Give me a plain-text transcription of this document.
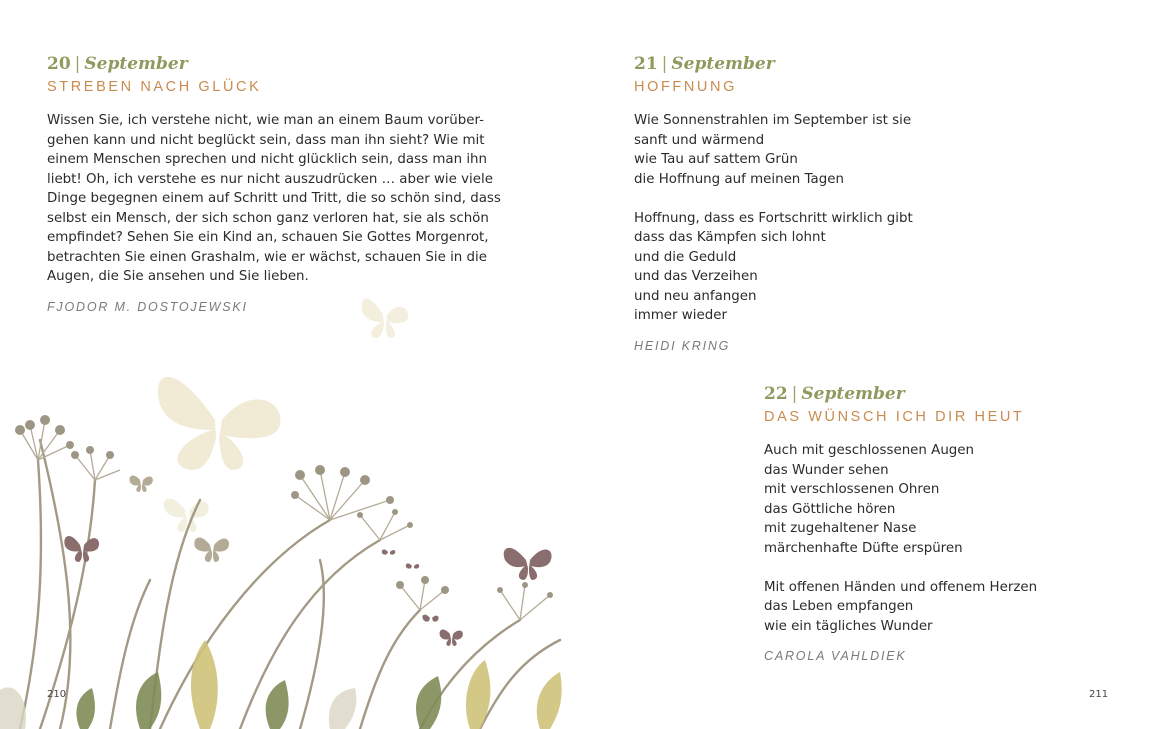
20 | September
STREBEN NACH GLÜCK
Wissen Sie, ich verstehe nicht, wie man an einem Baum vorüber-
gehen kann und nicht beglückt sein, dass man ihn sieht? Wie mit
einem Menschen sprechen und nicht glücklich sein, dass man ihn
liebt! Oh, ich verstehe es nur nicht auszudrücken … aber wie viele
Dinge begegnen einem auf Schritt und Tritt, die so schön sind, dass
selbst ein Mensch, der sich schon ganz verloren hat, sie als schön
empfindet? Sehen Sie ein Kind an, schauen Sie Gottes Morgenrot,
betrachten Sie einen Grashalm, wie er wächst, schauen Sie in die
Augen, die Sie ansehen und Sie lieben.
FJODOR M. DOSTOJEWSKI
210
21 | September
HOFFNUNG
Wie Sonnenstrahlen im September ist sie
sanft und wärmend
wie Tau auf sattem Grün
die Hoffnung auf meinen Tagen
Hoffnung, dass es Fortschritt wirklich gibt
dass das Kämpfen sich lohnt
und die Geduld
und das Verzeihen
und neu anfangen
immer wieder
HEIDI KRING
22 | September
DAS WÜNSCH ICH DIR HEUT
Auch mit geschlossenen Augen
das Wunder sehen
mit verschlossenen Ohren
das Göttliche hören
mit zugehaltener Nase
märchenhafte Düfte erspüren
Mit offenen Händen und offenem Herzen
das Leben empfangen
wie ein tägliches Wunder
CAROLA VAHLDIEK
211
